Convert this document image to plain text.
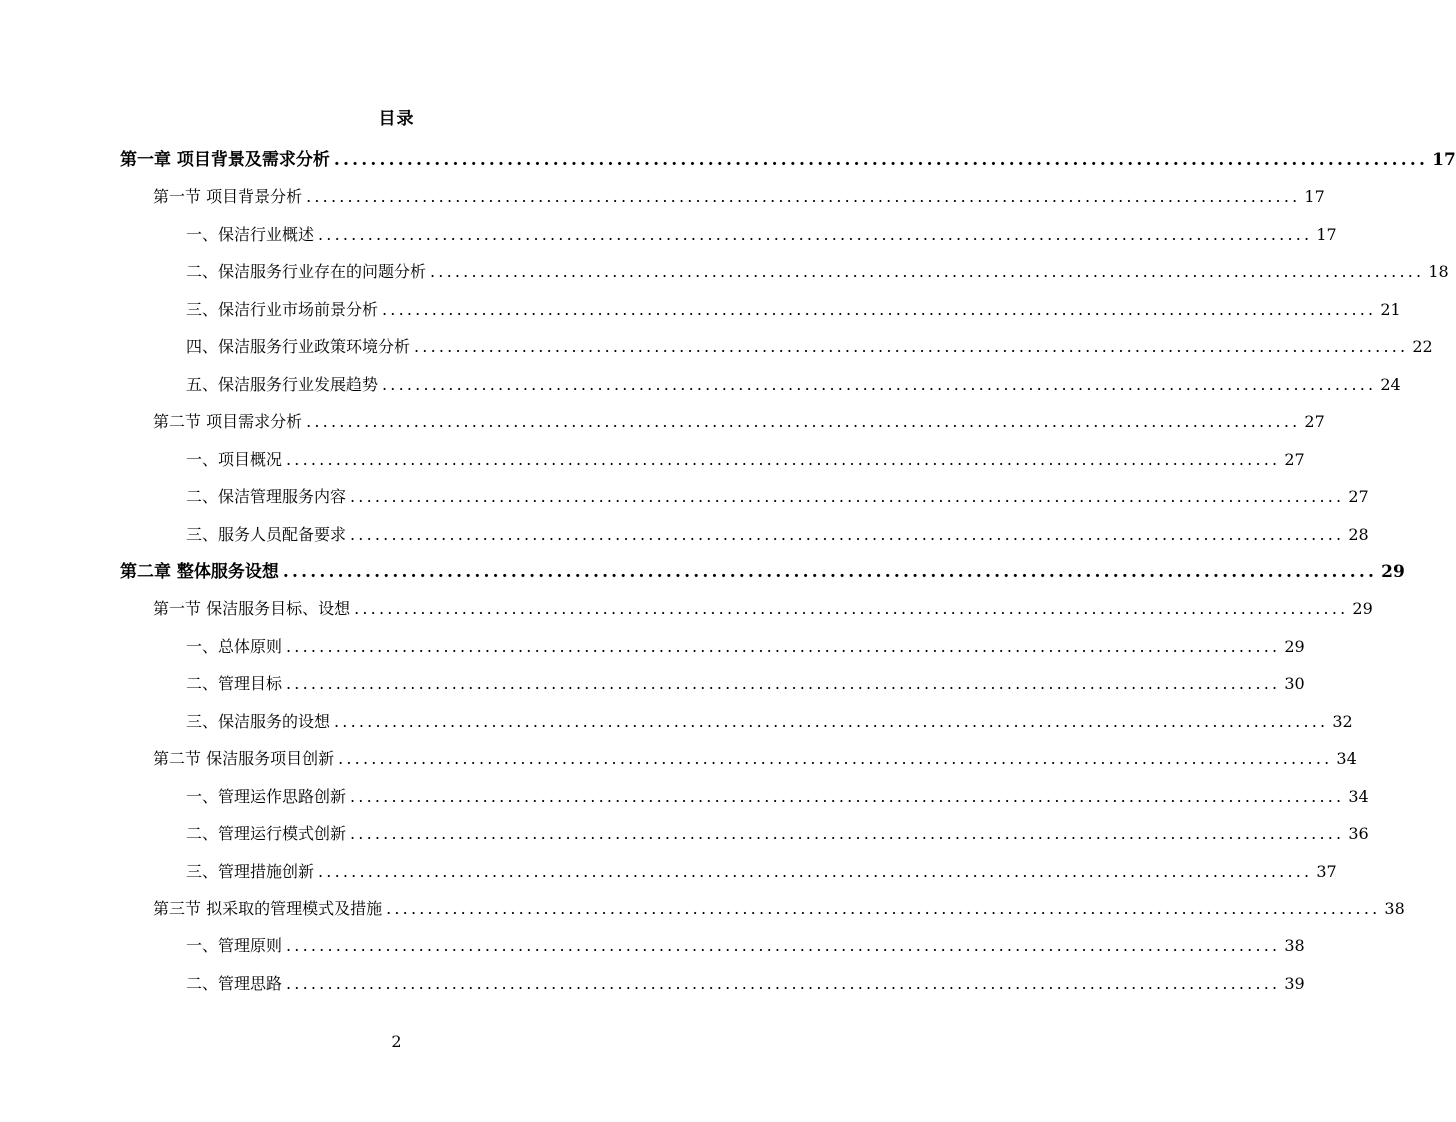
目录
第一章 项目背景及需求分析 ........................................................................................................................ 17
第一节 项目背景分析 ........................................................................................................................ 17
一、保洁行业概述 ........................................................................................................................ 17
二、保洁服务行业存在的问题分析 ........................................................................................................................ 18
三、保洁行业市场前景分析 ........................................................................................................................ 21
四、保洁服务行业政策环境分析 ........................................................................................................................ 22
五、保洁服务行业发展趋势 ........................................................................................................................ 24
第二节 项目需求分析 ........................................................................................................................ 27
一、项目概况 ........................................................................................................................ 27
二、保洁管理服务内容 ........................................................................................................................ 27
三、服务人员配备要求 ........................................................................................................................ 28
第二章 整体服务设想 ........................................................................................................................ 29
第一节 保洁服务目标、设想 ........................................................................................................................ 29
一、总体原则 ........................................................................................................................ 29
二、管理目标 ........................................................................................................................ 30
三、保洁服务的设想 ........................................................................................................................ 32
第二节 保洁服务项目创新 ........................................................................................................................ 34
一、管理运作思路创新 ........................................................................................................................ 34
二、管理运行模式创新 ........................................................................................................................ 36
三、管理措施创新 ........................................................................................................................ 37
第三节 拟采取的管理模式及措施 ........................................................................................................................ 38
一、管理原则 ........................................................................................................................ 38
二、管理思路 ........................................................................................................................ 39
2
